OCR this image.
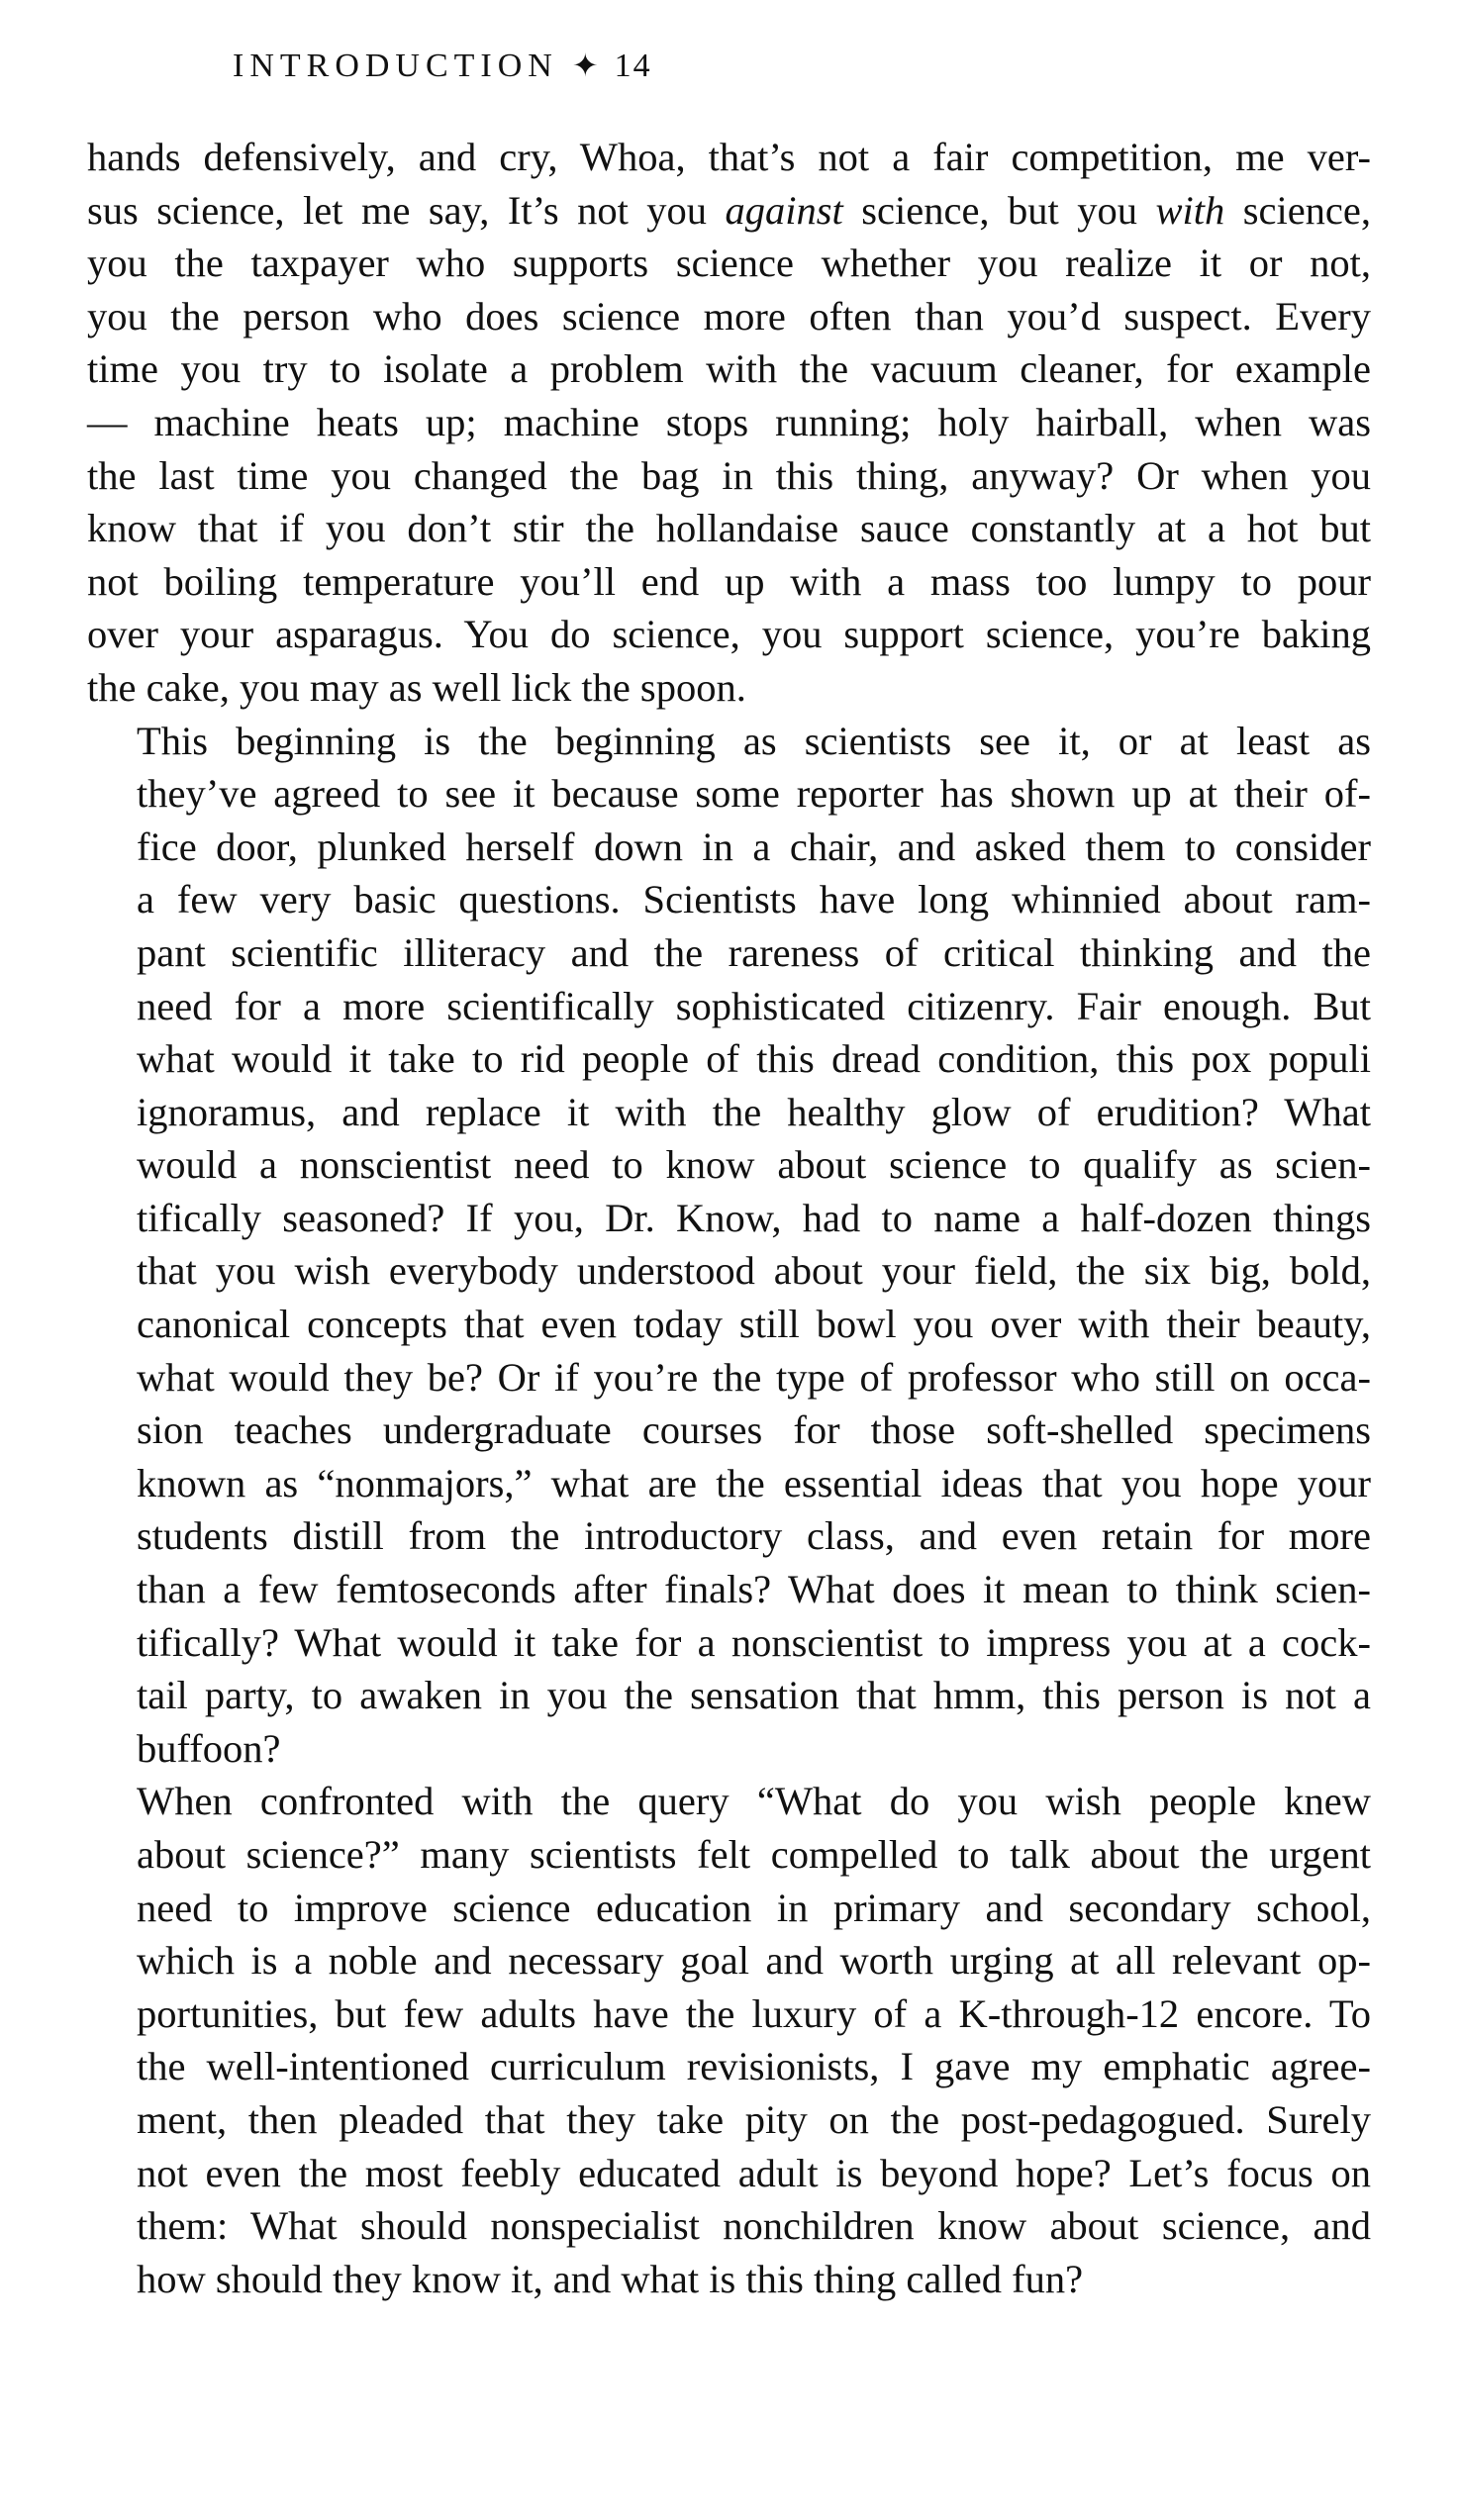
INTRODUCTION ✦ 14

hands defensively, and cry, Whoa, that’s not a fair competition, me ver-
sus science, let me say, It’s not you against science, but you with science,
you the taxpayer who supports science whether you realize it or not,
you the person who does science more often than you’d suspect. Every
time you try to isolate a problem with the vacuum cleaner, for example
— machine heats up; machine stops running; holy hairball, when was
the last time you changed the bag in this thing, anyway? Or when you
know that if you don’t stir the hollandaise sauce constantly at a hot but
not boiling temperature you’ll end up with a mass too lumpy to pour
over your asparagus. You do science, you support science, you’re baking
the cake, you may as well lick the spoon.

This beginning is the beginning as scientists see it, or at least as
they’ve agreed to see it because some reporter has shown up at their of-
fice door, plunked herself down in a chair, and asked them to consider
a few very basic questions. Scientists have long whinnied about ram-
pant scientific illiteracy and the rareness of critical thinking and the
need for a more scientifically sophisticated citizenry. Fair enough. But
what would it take to rid people of this dread condition, this pox populi
ignoramus, and replace it with the healthy glow of erudition? What
would a nonscientist need to know about science to qualify as scien-
tifically seasoned? If you, Dr. Know, had to name a half-dozen things
that you wish everybody understood about your field, the six big, bold,
canonical concepts that even today still bowl you over with their beauty,
what would they be? Or if you’re the type of professor who still on occa-
sion teaches undergraduate courses for those soft-shelled specimens
known as “nonmajors,” what are the essential ideas that you hope your
students distill from the introductory class, and even retain for more
than a few femtoseconds after finals? What does it mean to think scien-
tifically? What would it take for a nonscientist to impress you at a cock-
tail party, to awaken in you the sensation that hmm, this person is not a
buffoon?

When confronted with the query “What do you wish people knew
about science?” many scientists felt compelled to talk about the urgent
need to improve science education in primary and secondary school,
which is a noble and necessary goal and worth urging at all relevant op-
portunities, but few adults have the luxury of a K-through-12 encore. To
the well-intentioned curriculum revisionists, I gave my emphatic agree-
ment, then pleaded that they take pity on the post-pedagogued. Surely
not even the most feebly educated adult is beyond hope? Let’s focus on
them: What should nonspecialist nonchildren know about science, and
how should they know it, and what is this thing called fun?
